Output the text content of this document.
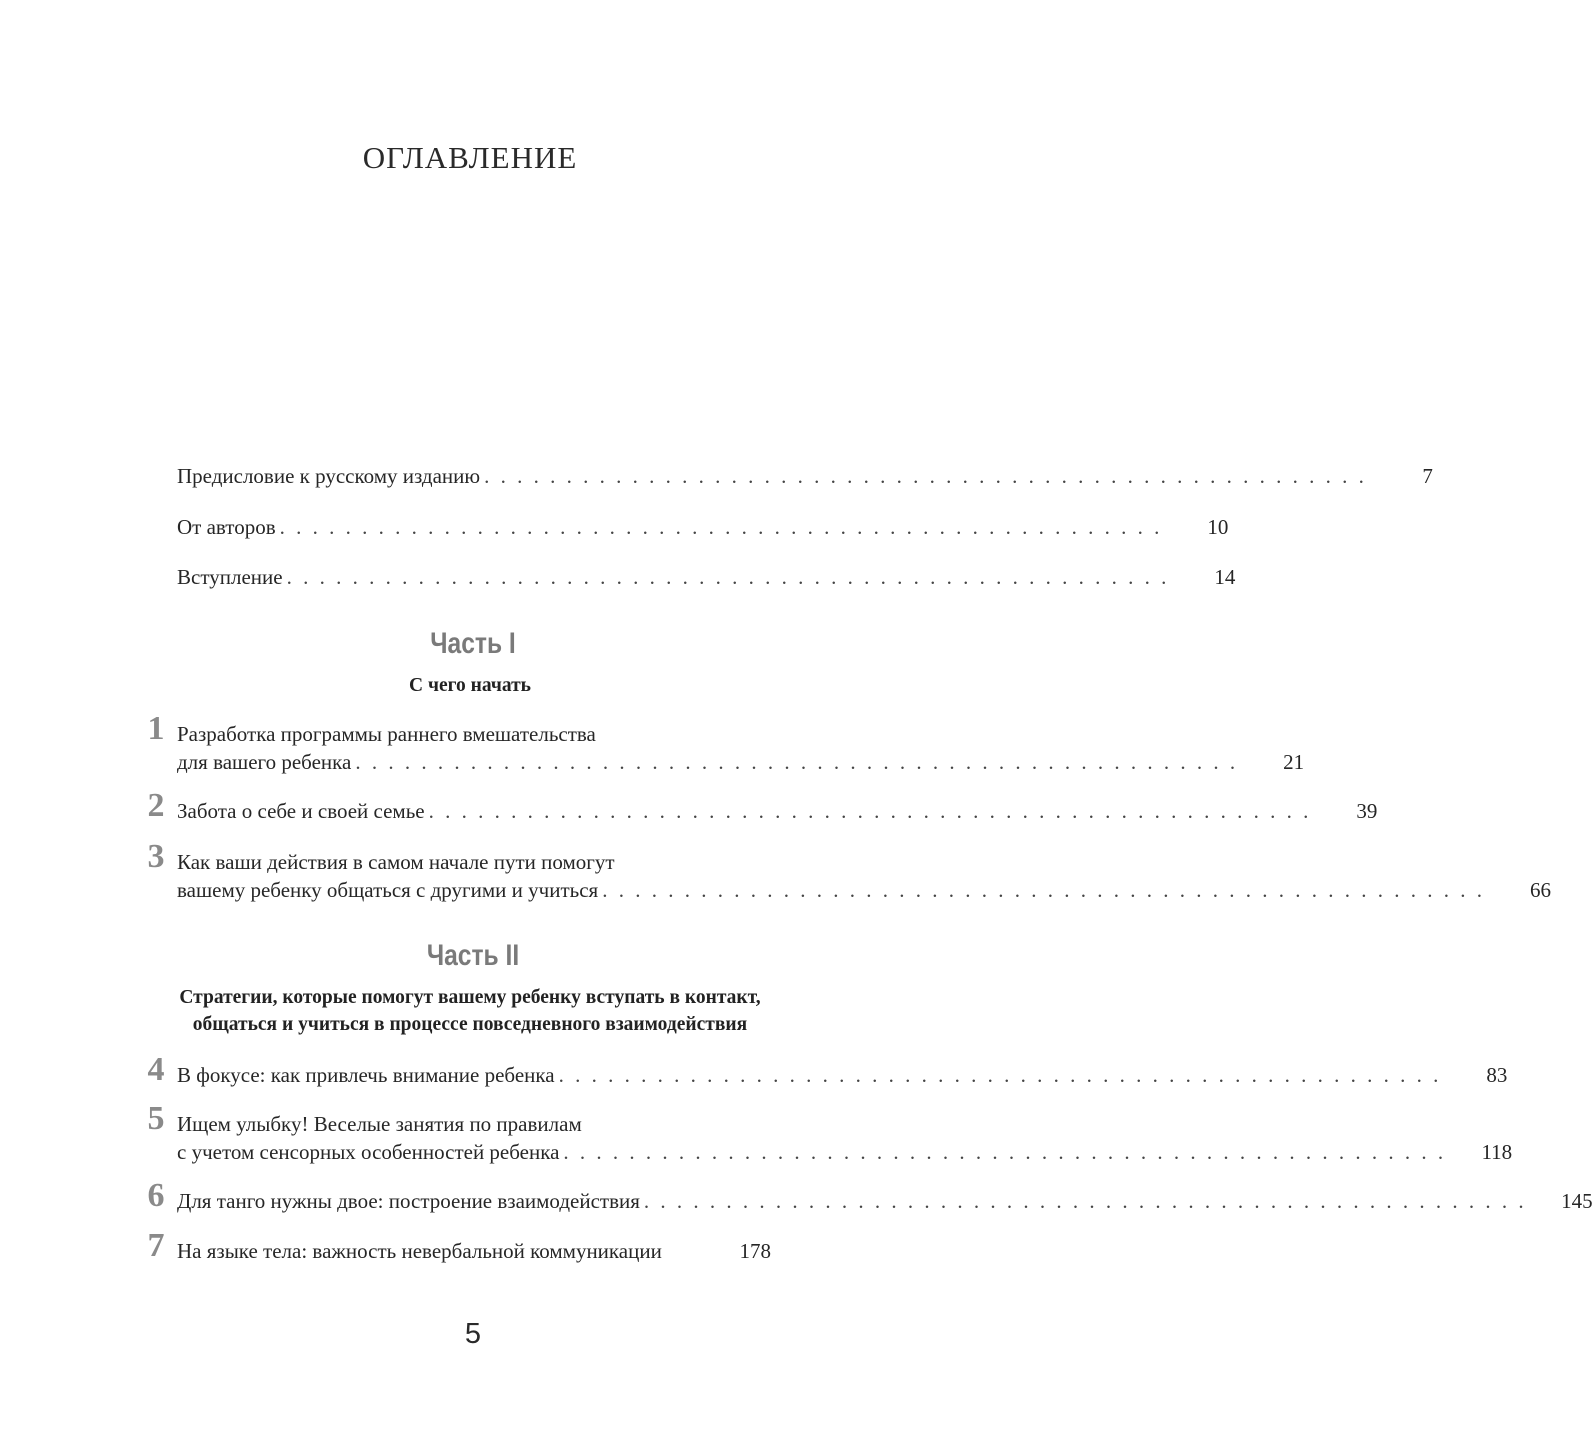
ОГЛАВЛЕНИЕ
Предисловие к русскому изданию . . . . . . . . . . . . . . . . . . . . . . . . . . . . . . . . . . . . . . . . . . . . . . . . . . . . . .	7
От авторов . . . . . . . . . . . . . . . . . . . . . . . . . . . . . . . . . . . . . . . . . . . . . . . . . . . . . .	10
Вступление . . . . . . . . . . . . . . . . . . . . . . . . . . . . . . . . . . . . . . . . . . . . . . . . . . . . . .	14
Часть I
С чего начать
1 Разработка программы раннего вмешательства
для вашего ребенка . . . . . . . . . . . . . . . . . . . . . . . . . . . . . . . . . . . . . . . . . . . . . . . . . . . . . .	21
2 Забота о себе и своей семье . . . . . . . . . . . . . . . . . . . . . . . . . . . . . . . . . . . . . . . . . . . . . . . . . . . . . .	39
3 Как ваши действия в самом начале пути помогут
вашему ребенку общаться с другими и учиться . . . . . . . . . . . . . . . . . . . . . . . . . . . . . . . . . . . . . . . . . . . . . . . . . . . . . .	66
Часть II
Стратегии, которые помогут вашему ребенку вступать в контакт,
общаться и учиться в процессе повседневного взаимодействия
4 В фокусе: как привлечь внимание ребенка . . . . . . . . . . . . . . . . . . . . . . . . . . . . . . . . . . . . . . . . . . . . . . . . . . . . . .	83
5 Ищем улыбку! Веселые занятия по правилам
с учетом сенсорных особенностей ребенка . . . . . . . . . . . . . . . . . . . . . . . . . . . . . . . . . . . . . . . . . . . . . . . . . . . . . .	118
6 Для танго нужны двое: построение взаимодействия . . . . . . . . . . . . . . . . . . . . . . . . . . . . . . . . . . . . . . . . . . . . . . . . . . . . . .	145
7 На языке тела: важность невербальной коммуникации	178
5
